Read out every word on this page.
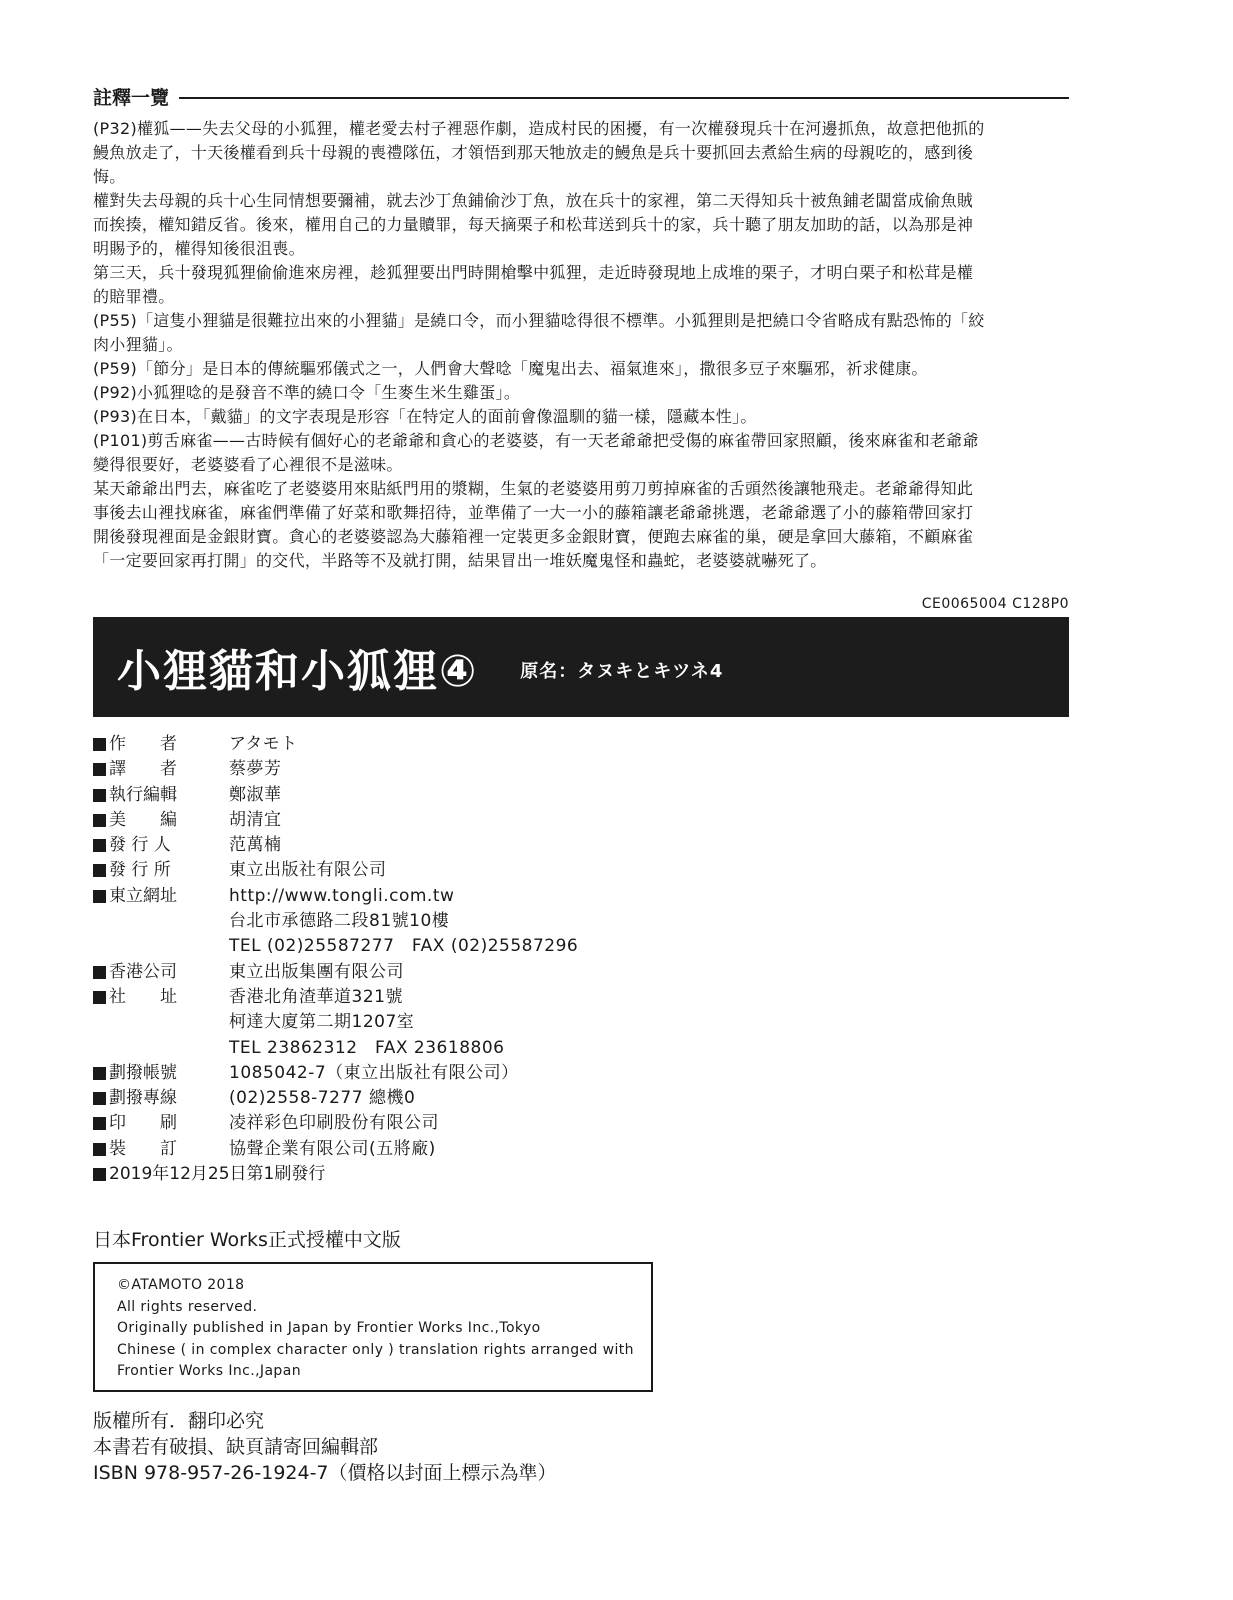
註釋一覽
(P32)權狐——失去父母的小狐狸，權老愛去村子裡惡作劇，造成村民的困擾，有一次權發現兵十在河邊抓魚，故意把他抓的
鰻魚放走了，十天後權看到兵十母親的喪禮隊伍，才領悟到那天牠放走的鰻魚是兵十要抓回去煮給生病的母親吃的，感到後
悔。
權對失去母親的兵十心生同情想要彌補，就去沙丁魚鋪偷沙丁魚，放在兵十的家裡，第二天得知兵十被魚鋪老闆當成偷魚賊
而挨揍，權知錯反省。後來，權用自己的力量贖罪，每天摘栗子和松茸送到兵十的家，兵十聽了朋友加助的話，以為那是神
明賜予的，權得知後很沮喪。
第三天，兵十發現狐狸偷偷進來房裡，趁狐狸要出門時開槍擊中狐狸，走近時發現地上成堆的栗子，才明白栗子和松茸是權
的賠罪禮。
(P55)「這隻小狸貓是很難拉出來的小狸貓」是繞口令，而小狸貓唸得很不標準。小狐狸則是把繞口令省略成有點恐怖的「絞
肉小狸貓」。
(P59)「節分」是日本的傳統驅邪儀式之一，人們會大聲唸「魔鬼出去、福氣進來」，撒很多豆子來驅邪，祈求健康。
(P92)小狐狸唸的是發音不準的繞口令「生麥生米生雞蛋」。
(P93)在日本，「戴貓」的文字表現是形容「在特定人的面前會像溫馴的貓一樣，隱藏本性」。
(P101)剪舌麻雀——古時候有個好心的老爺爺和貪心的老婆婆，有一天老爺爺把受傷的麻雀帶回家照顧，後來麻雀和老爺爺
變得很要好，老婆婆看了心裡很不是滋味。
某天爺爺出門去，麻雀吃了老婆婆用來貼紙門用的漿糊，生氣的老婆婆用剪刀剪掉麻雀的舌頭然後讓牠飛走。老爺爺得知此
事後去山裡找麻雀，麻雀們準備了好菜和歌舞招待，並準備了一大一小的藤箱讓老爺爺挑選，老爺爺選了小的藤箱帶回家打
開後發現裡面是金銀財寶。貪心的老婆婆認為大藤箱裡一定裝更多金銀財寶，便跑去麻雀的巢，硬是拿回大藤箱，不顧麻雀
「一定要回家再打開」的交代，半路等不及就打開，結果冒出一堆妖魔鬼怪和蟲蛇，老婆婆就嚇死了。
CE0065004 C128P0
小狸貓和小狐狸④ 原名：タヌキとキツネ4
作　　者	アタモト
譯　　者	蔡夢芳
執行編輯	鄭淑華
美　　編	胡清宜
發 行 人	范萬楠
發 行 所	東立出版社有限公司
東立網址	http://www.tongli.com.tw
台北市承德路二段81號10樓
TEL (02)25587277　FAX (02)25587296
香港公司	東立出版集團有限公司
社　　址	香港北角渣華道321號
柯達大廈第二期1207室
TEL 23862312　FAX 23618806
劃撥帳號	1085042-7（東立出版社有限公司）
劃撥專線	(02)2558-7277 總機0
印　　刷	凌祥彩色印刷股份有限公司
裝　　訂	協聲企業有限公司(五將廠)
2019年12月25日第1刷發行
日本Frontier Works正式授權中文版
©ATAMOTO 2018
All rights reserved.
Originally published in Japan by Frontier Works Inc.,Tokyo
Chinese ( in complex character only ) translation rights arranged with
Frontier Works Inc.,Japan
版權所有．翻印必究
本書若有破損、缺頁請寄回編輯部
ISBN 978-957-26-1924-7（價格以封面上標示為準）
